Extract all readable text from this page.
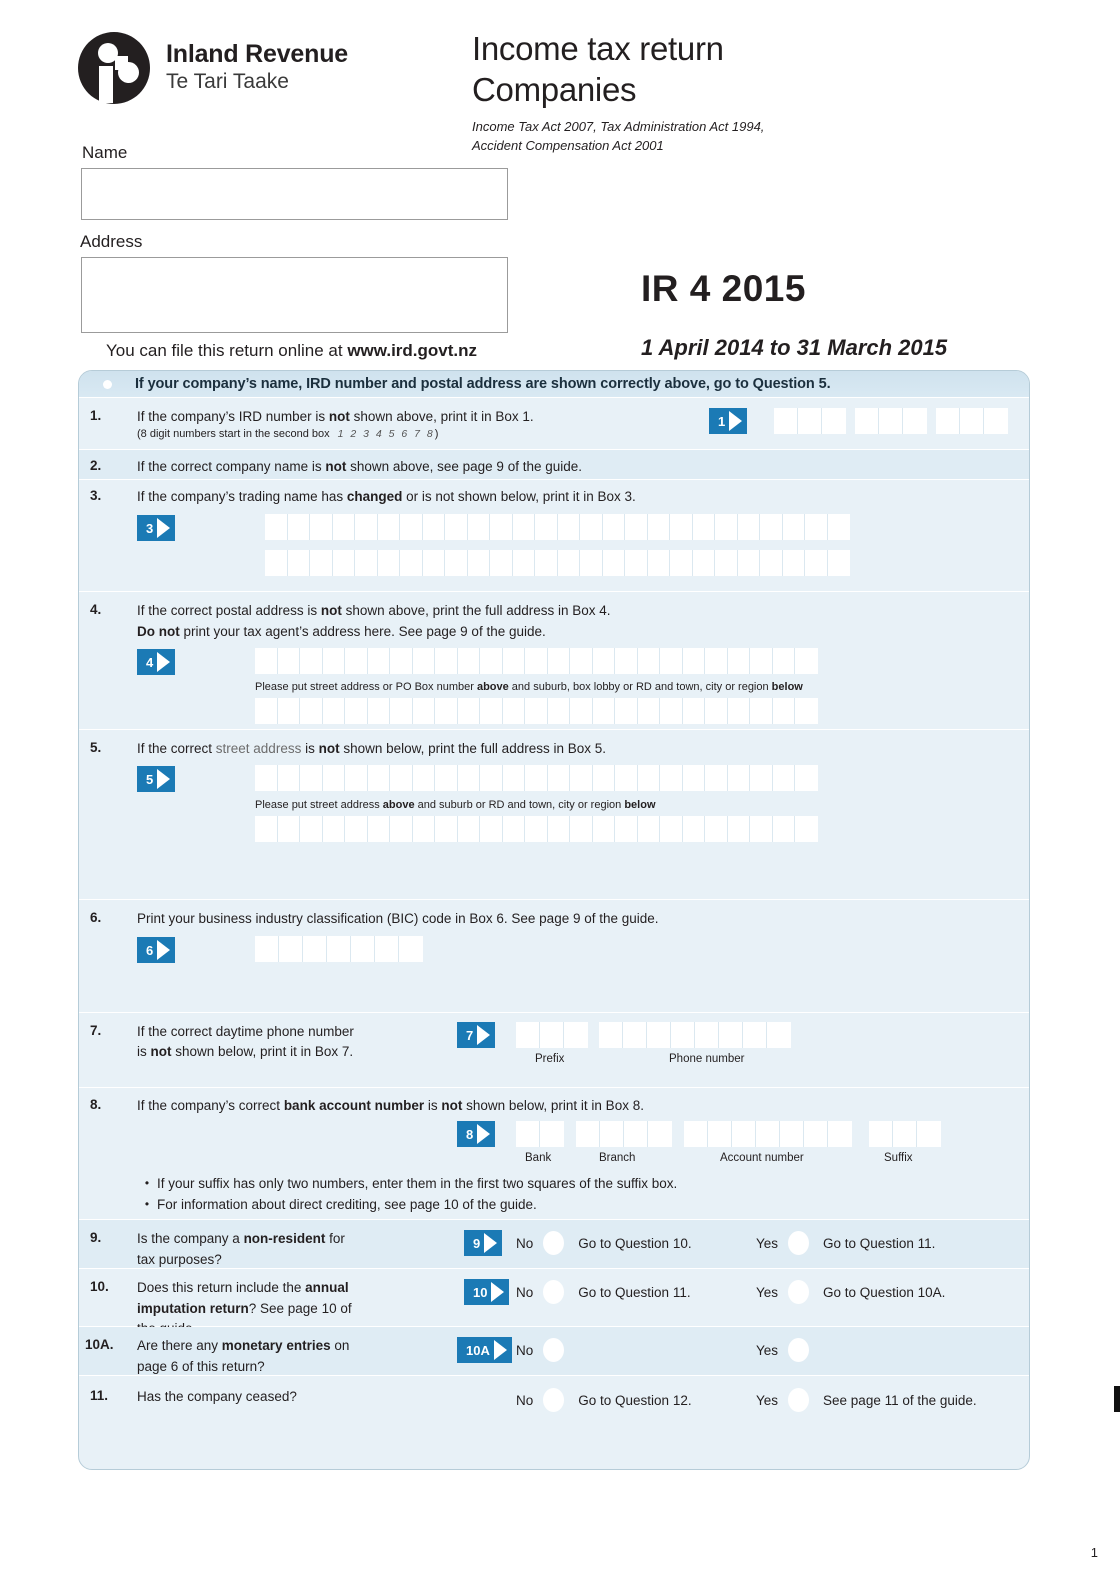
Inland Revenue
Te Tari Taake
Income tax return
Companies
Income Tax Act 2007, Tax Administration Act 1994,
Accident Compensation Act 2001
Name
Address
You can file this return online at www.ird.govt.nz
IR 4 2015
1 April 2014 to 31 March 2015
If your company’s name, IRD number and postal address are shown correctly above, go to Question 5.
1.	If the company’s IRD number is not shown above, print it in Box 1.
(8 digit numbers start in the second box 1 2 3 4 5 6 7 8)
1
2.	If the correct company name is not shown above, see page 9 of the guide.
3.	If the company’s trading name has changed or is not shown below, print it in Box 3.
3
4.	If the correct postal address is not shown above, print the full address in Box 4.
Do not print your tax agent’s address here. See page 9 of the guide.
4
Please put street address or PO Box number above and suburb, box lobby or RD and town, city or region below
5.	If the correct street address is not shown below, print the full address in Box 5.
5
Please put street address above and suburb or RD and town, city or region below
6.	Print your business industry classification (BIC) code in Box 6. See page 9 of the guide.
6
7.	If the correct daytime phone number
is not shown below, print it in Box 7.
7
Prefix	Phone number
8.	If the company’s correct bank account number is not shown below, print it in Box 8.
8
Bank	Branch	Account number	Suffix
• If your suffix has only two numbers, enter them in the first two squares of the suffix box.
• For information about direct crediting, see page 10 of the guide.
9.	Is the company a non-resident for
tax purposes?
9	No	Go to Question 10.	Yes	Go to Question 11.
10. Does this return include the annual
imputation return? See page 10 of

10 No	Go to Question 11.	Yes	Go to Question 10A.
10A. Are there any monetary entries on
page 6 of this return?
10A No	Yes
11. Has the company ceased?	No	Go to Question 12.	Yes	See page 11 of the guide.
1
